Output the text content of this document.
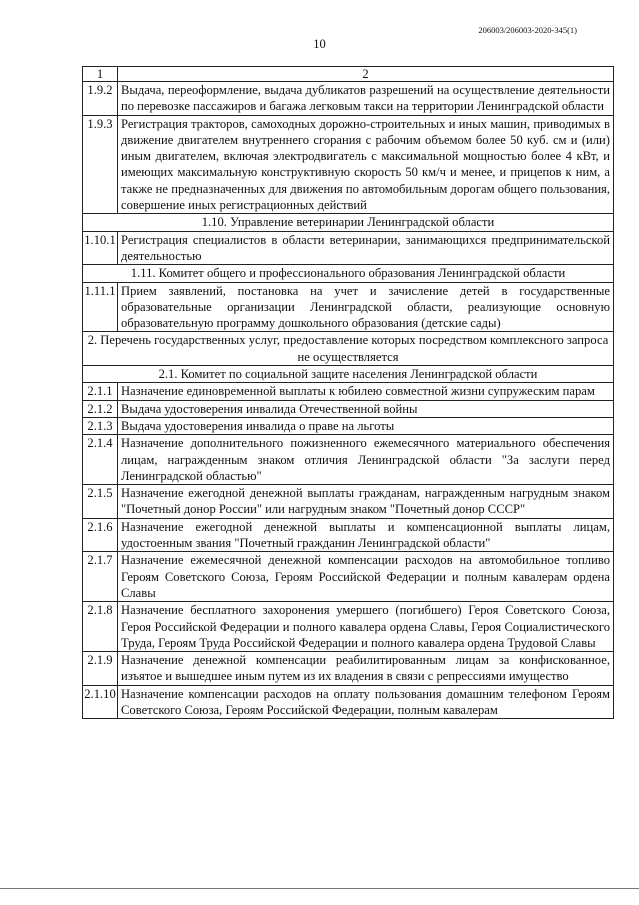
206003/206003-2020-345(1)
10
1	2
1.9.2	Выдача, переоформление, выдача дубликатов разрешений на осуществление деятельности по перевозке пассажиров и багажа легковым такси на территории Ленинградской области
1.9.3	Регистрация тракторов, самоходных дорожно-строительных и иных машин, приводимых в движение двигателем внутреннего сгорания с рабочим объемом более 50 куб. см и (или) иным двигателем, включая электродвигатель с максимальной мощностью более 4 кВт, и имеющих максимальную конструктивную скорость 50 км/ч и менее, и прицепов к ним, а также не предназначенных для движения по автомобильным дорогам общего пользования, совершение иных регистрационных действий
1.10. Управление ветеринарии Ленинградской области	
1.10.1	Регистрация специалистов в области ветеринарии, занимающихся предпринимательской деятельностью
1.11. Комитет общего и профессионального образования Ленинградской области	
1.11.1	Прием заявлений, постановка на учет и зачисление детей в государственные образовательные организации Ленинградской области, реализующие основную образовательную программу дошкольного образования (детские сады)
2. Перечень государственных услуг, предоставление которых посредством комплексного запроса не осуществляется	
2.1. Комитет по социальной защите населения Ленинградской области	
2.1.1	Назначение единовременной выплаты к юбилею совместной жизни супружеским парам
2.1.2	Выдача удостоверения инвалида Отечественной войны
2.1.3	Выдача удостоверения инвалида о праве на льготы
2.1.4	Назначение дополнительного пожизненного ежемесячного материального обеспечения лицам, награжденным знаком отличия Ленинградской области "За заслуги перед Ленинградской областью"
2.1.5	Назначение ежегодной денежной выплаты гражданам, награжденным нагрудным знаком "Почетный донор России" или нагрудным знаком "Почетный донор СССР"
2.1.6	Назначение ежегодной денежной выплаты и компенсационной выплаты лицам, удостоенным звания "Почетный гражданин Ленинградской области"
2.1.7	Назначение ежемесячной денежной компенсации расходов на автомобильное топливо Героям Советского Союза, Героям Российской Федерации и полным кавалерам ордена Славы
2.1.8	Назначение бесплатного захоронения умершего (погибшего) Героя Советского Союза, Героя Российской Федерации и полного кавалера ордена Славы, Героя Социалистического Труда, Героям Труда Российской Федерации и полного кавалера ордена Трудовой Славы
2.1.9	Назначение денежной компенсации реабилитированным лицам за конфискованное, изъятое и вышедшее иным путем из их владения в связи с репрессиями имущество
2.1.10	Назначение компенсации расходов на оплату пользования домашним телефоном Героям Советского Союза, Героям Российской Федерации, полным кавалерам
